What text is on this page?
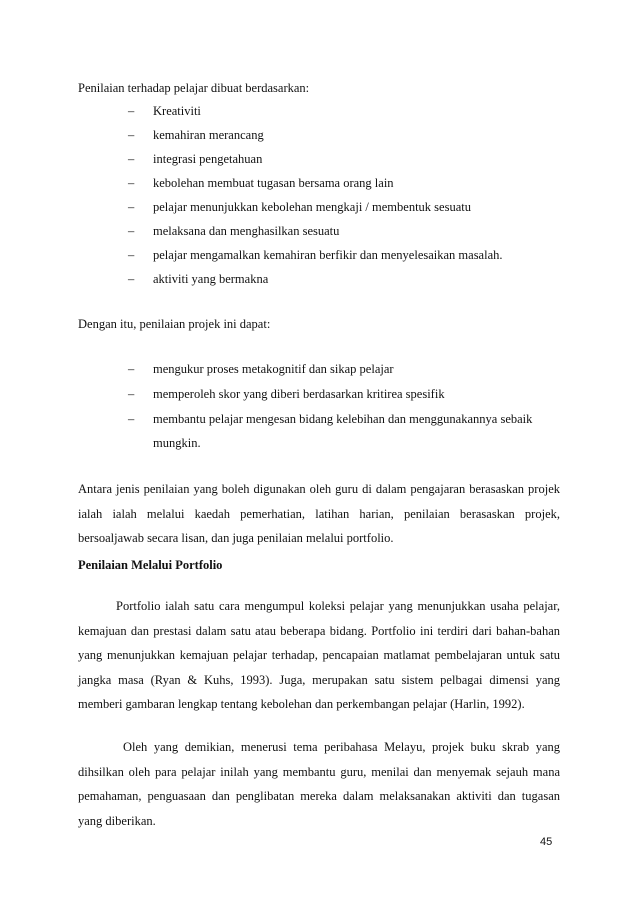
Penilaian terhadap pelajar dibuat berdasarkan:
– Kreativiti
– kemahiran merancang
– integrasi pengetahuan
– kebolehan membuat tugasan bersama orang lain
– pelajar menunjukkan kebolehan mengkaji / membentuk sesuatu
– melaksana dan menghasilkan sesuatu
– pelajar mengamalkan kemahiran berfikir dan menyelesaikan masalah.
– aktiviti yang bermakna
Dengan itu, penilaian projek ini dapat:
– mengukur proses metakognitif dan sikap pelajar
– memperoleh skor yang diberi berdasarkan kritirea spesifik
– membantu pelajar mengesan bidang kelebihan dan menggunakannya sebaik
mungkin.
Antara jenis penilaian yang boleh digunakan oleh guru di dalam pengajaran berasaskan projek ialah ialah melalui kaedah pemerhatian, latihan harian, penilaian berasaskan projek, bersoaljawab secara lisan, dan juga penilaian melalui portfolio.
Penilaian Melalui Portfolio
Portfolio ialah satu cara mengumpul koleksi pelajar yang menunjukkan usaha pelajar, kemajuan dan prestasi dalam satu atau beberapa bidang. Portfolio ini terdiri dari bahan-bahan yang menunjukkan kemajuan pelajar terhadap, pencapaian matlamat pembelajaran untuk satu jangka masa (Ryan & Kuhs, 1993). Juga, merupakan satu sistem pelbagai dimensi yang memberi gambaran lengkap tentang kebolehan dan perkembangan pelajar (Harlin, 1992).
Oleh yang demikian, menerusi tema peribahasa Melayu, projek buku skrab yang dihsilkan oleh para pelajar inilah yang membantu guru, menilai dan menyemak sejauh mana pemahaman, penguasaan dan penglibatan mereka dalam melaksanakan aktiviti dan tugasan yang diberikan.
45
